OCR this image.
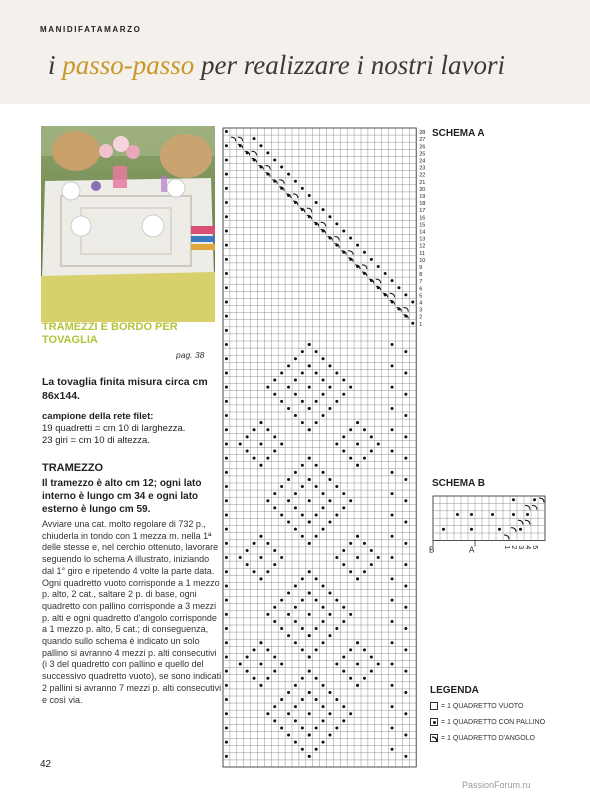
MANIDIFATAMARZO
i passo-passo per realizzare i nostri lavori
TRAMEZZI E BORDO PER TOVAGLIA
pag. 38
La tovaglia finita misura circa cm 86x144.
campione della rete filet:
19 quadretti = cm 10 di larghezza.
23 giri = cm 10 di altezza.
TRAMEZZO
Il tramezzo è alto cm 12; ogni lato interno è lungo cm 34 e ogni lato esterno è lungo cm 59.
Avviare una cat. molto regolare di 732 p., chiuderla in tondo con 1 mezza m. nella 1ª delle stesse e, nel cerchio ottenuto, lavorare seguendo lo schema A illustrato, iniziando dal 1° giro e ripetendo 4 volte la parte data.
Ogni quadretto vuoto corrisponde a 1 mezzo p. alto, 2 cat., saltare 2 p. di base, ogni quadretto con pallino corrisponde a 3 mezzi p. alti e ogni quadretto d'angolo corrisponde a 1 mezzo p. alto, 5 cat.; di conseguenza, quando sullo schema è indicato un solo pallino si avranno 4 mezzi p. alti consecutivi (i 3 del quadretto con pallino e quello del successivo quadretto vuoto), se sono indicati 2 pallini si avranno 7 mezzi p. alti consecutivi e così via.
SCHEMA A
28
27
26
25
24
23
22
21
20
19
18
17
16
15
14
13
12
11
10
9
8
7
6
5
4
3
2
1
SCHEMA B
B	A	1 2 3 4 5
LEGENDA
= 1 QUADRETTO VUOTO
= 1 QUADRETTO CON PALLINO
= 1 QUADRETTO D'ANGOLO
42
PassionForum.ru
